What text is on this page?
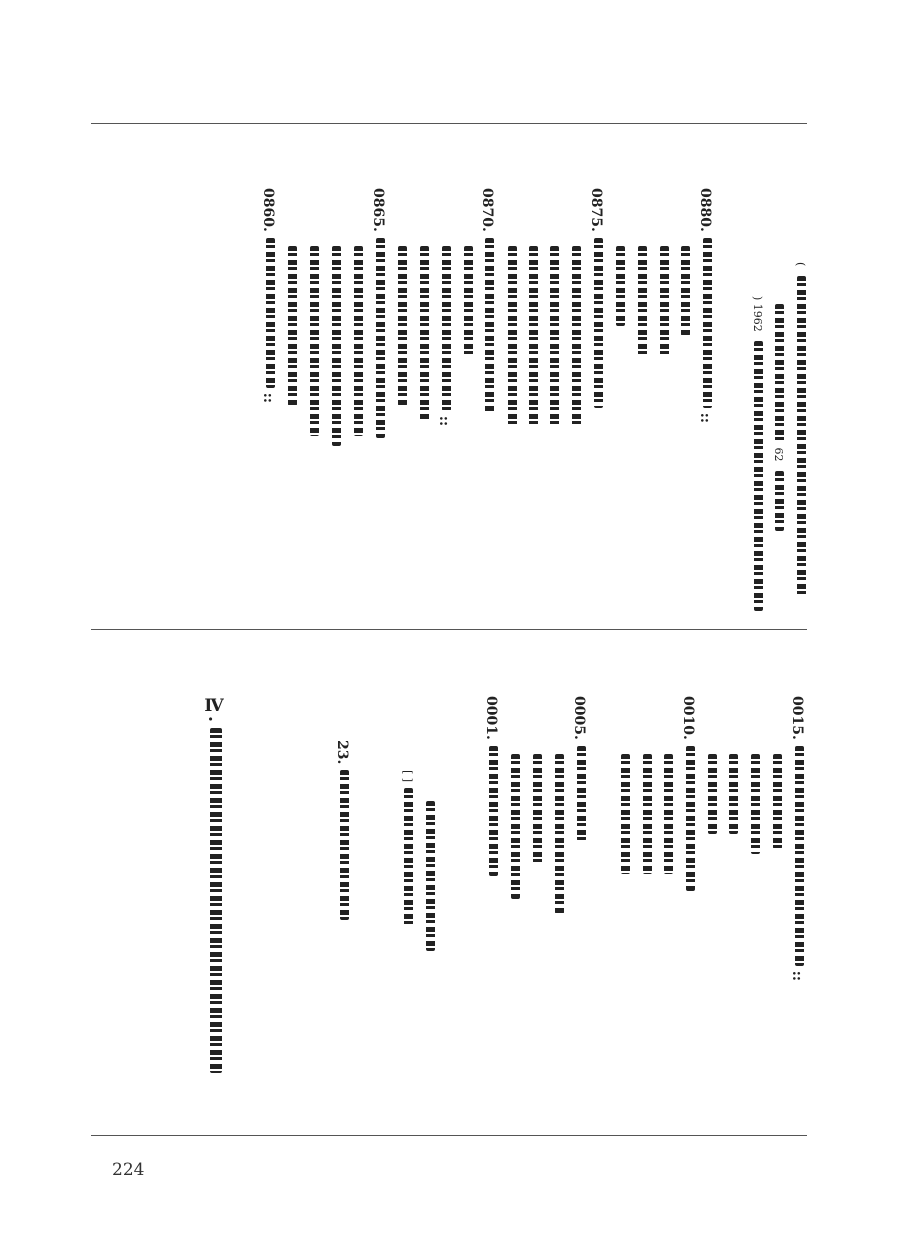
(
62
) 1962
0880. ::
0875.
0870.
::
0865.
0860. ::
0015. ::
0010.
0005.
0001.
[ ]
23.
Ⅳ.
224
